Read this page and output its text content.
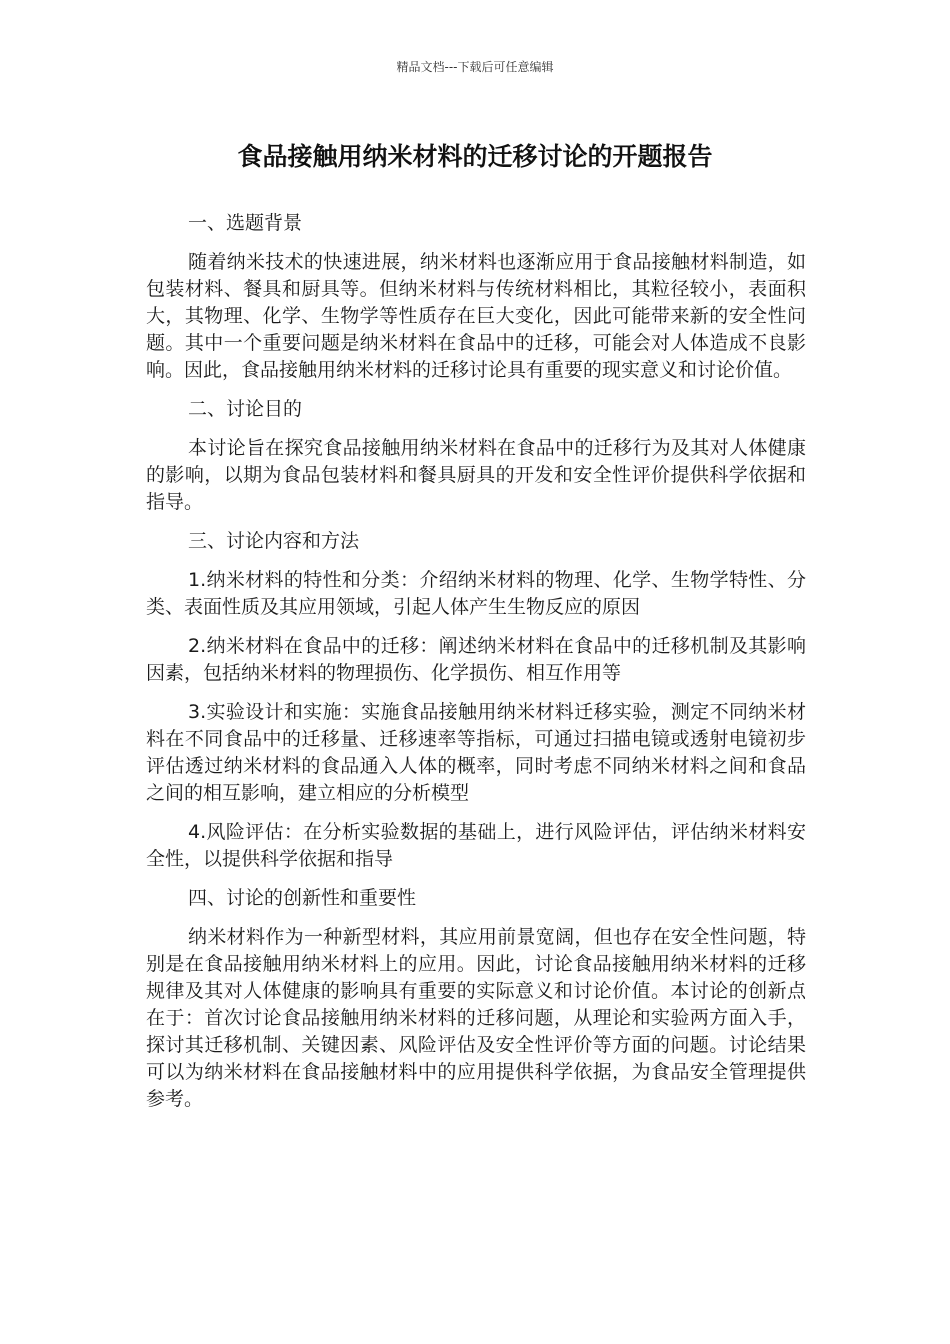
精品文档---下载后可任意编辑
食品接触用纳米材料的迁移讨论的开题报告

一、选题背景

随着纳米技术的快速进展，纳米材料也逐渐应用于食品接触材料制造，如包装材料、餐具和厨具等。但纳米材料与传统材料相比，其粒径较小，表面积大，其物理、化学、生物学等性质存在巨大变化，因此可能带来新的安全性问题。其中一个重要问题是纳米材料在食品中的迁移，可能会对人体造成不良影响。因此，食品接触用纳米材料的迁移讨论具有重要的现实意义和讨论价值。

二、讨论目的

本讨论旨在探究食品接触用纳米材料在食品中的迁移行为及其对人体健康的影响，以期为食品包装材料和餐具厨具的开发和安全性评价提供科学依据和指导。

三、讨论内容和方法

1.纳米材料的特性和分类：介绍纳米材料的物理、化学、生物学特性、分类、表面性质及其应用领域，引起人体产生生物反应的原因

2.纳米材料在食品中的迁移：阐述纳米材料在食品中的迁移机制及其影响因素，包括纳米材料的物理损伤、化学损伤、相互作用等

3.实验设计和实施：实施食品接触用纳米材料迁移实验，测定不同纳米材料在不同食品中的迁移量、迁移速率等指标，可通过扫描电镜或透射电镜初步评估透过纳米材料的食品通入人体的概率，同时考虑不同纳米材料之间和食品之间的相互影响，建立相应的分析模型

4.风险评估：在分析实验数据的基础上，进行风险评估，评估纳米材料安全性，以提供科学依据和指导

四、讨论的创新性和重要性

纳米材料作为一种新型材料，其应用前景宽阔，但也存在安全性问题，特别是在食品接触用纳米材料上的应用。因此，讨论食品接触用纳米材料的迁移规律及其对人体健康的影响具有重要的实际意义和讨论价值。本讨论的创新点在于：首次讨论食品接触用纳米材料的迁移问题，从理论和实验两方面入手，探讨其迁移机制、关键因素、风险评估及安全性评价等方面的问题。讨论结果可以为纳米材料在食品接触材料中的应用提供科学依据，为食品安全管理提供参考。
